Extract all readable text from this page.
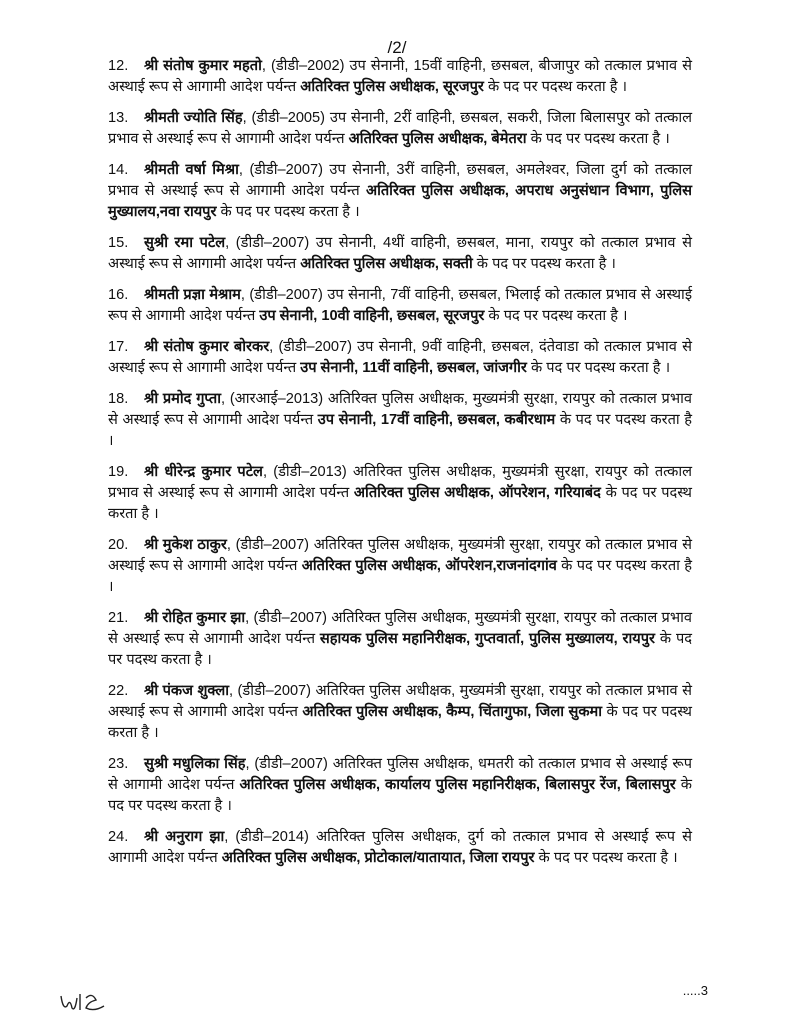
/2/

12. श्री संतोष कुमार महतो, (डीडी–2002) उप सेनानी, 15वीं वाहिनी, छसबल, बीजापुर को तत्काल प्रभाव से अस्थाई रूप से आगामी आदेश पर्यन्त अतिरिक्त पुलिस अधीक्षक, सूरजपुर के पद पर पदस्थ करता है ।

13. श्रीमती ज्योति सिंह, (डीडी–2005) उप सेनानी, 2रीं वाहिनी, छसबल, सकरी, जिला बिलासपुर को तत्काल प्रभाव से अस्थाई रूप से आगामी आदेश पर्यन्त अतिरिक्त पुलिस अधीक्षक, बेमेतरा के पद पर पदस्थ करता है ।

14. श्रीमती वर्षा मिश्रा, (डीडी–2007) उप सेनानी, 3रीं वाहिनी, छसबल, अमलेश्वर, जिला दुर्ग को तत्काल प्रभाव से अस्थाई रूप से आगामी आदेश पर्यन्त अतिरिक्त पुलिस अधीक्षक, अपराध अनुसंधान विभाग, पुलिस मुख्यालय,नवा रायपुर के पद पर पदस्थ करता है ।

15. सुश्री रमा पटेल, (डीडी–2007) उप सेनानी, 4थीं वाहिनी, छसबल, माना, रायपुर को तत्काल प्रभाव से अस्थाई रूप से आगामी आदेश पर्यन्त अतिरिक्त पुलिस अधीक्षक, सक्ती के पद पर पदस्थ करता है ।

16. श्रीमती प्रज्ञा मेश्राम, (डीडी–2007) उप सेनानी, 7वीं वाहिनी, छसबल, भिलाई को तत्काल प्रभाव से अस्थाई रूप से आगामी आदेश पर्यन्त उप सेनानी, 10वी वाहिनी, छसबल, सूरजपुर के पद पर पदस्थ करता है ।

17. श्री संतोष कुमार बोरकर, (डीडी–2007) उप सेनानी, 9वीं वाहिनी, छसबल, दंतेवाडा को तत्काल प्रभाव से अस्थाई रूप से आगामी आदेश पर्यन्त उप सेनानी, 11वीं वाहिनी, छसबल, जांजगीर के पद पर पदस्थ करता है ।

18. श्री प्रमोद गुप्ता, (आरआई–2013) अतिरिक्त पुलिस अधीक्षक, मुख्यमंत्री सुरक्षा, रायपुर को तत्काल प्रभाव से अस्थाई रूप से आगामी आदेश पर्यन्त उप सेनानी, 17वीं वाहिनी, छसबल, कबीरधाम के पद पर पदस्थ करता है ।

19. श्री धीरेन्द्र कुमार पटेल, (डीडी–2013) अतिरिक्त पुलिस अधीक्षक, मुख्यमंत्री सुरक्षा, रायपुर को तत्काल प्रभाव से अस्थाई रूप से आगामी आदेश पर्यन्त अतिरिक्त पुलिस अधीक्षक, ऑपरेशन, गरियाबंद के पद पर पदस्थ करता है ।

20. श्री मुकेश ठाकुर, (डीडी–2007) अतिरिक्त पुलिस अधीक्षक, मुख्यमंत्री सुरक्षा, रायपुर को तत्काल प्रभाव से अस्थाई रूप से आगामी आदेश पर्यन्त अतिरिक्त पुलिस अधीक्षक, ऑपरेशन,राजनांदगांव के पद पर पदस्थ करता है ।

21. श्री रोहित कुमार झा, (डीडी–2007) अतिरिक्त पुलिस अधीक्षक, मुख्यमंत्री सुरक्षा, रायपुर को तत्काल प्रभाव से अस्थाई रूप से आगामी आदेश पर्यन्त सहायक पुलिस महानिरीक्षक, गुप्तवार्ता, पुलिस मुख्यालय, रायपुर के पद पर पदस्थ करता है ।

22. श्री पंकज शुक्ला, (डीडी–2007) अतिरिक्त पुलिस अधीक्षक, मुख्यमंत्री सुरक्षा, रायपुर को तत्काल प्रभाव से अस्थाई रूप से आगामी आदेश पर्यन्त अतिरिक्त पुलिस अधीक्षक, कैम्प, चिंतागुफा, जिला सुकमा के पद पर पदस्थ करता है ।

23. सुश्री मधुलिका सिंह, (डीडी–2007) अतिरिक्त पुलिस अधीक्षक, धमतरी को तत्काल प्रभाव से अस्थाई रूप से आगामी आदेश पर्यन्त अतिरिक्त पुलिस अधीक्षक, कार्यालय पुलिस महानिरीक्षक, बिलासपुर रेंज, बिलासपुर के पद पर पदस्थ करता है ।

24. श्री अनुराग झा, (डीडी–2014) अतिरिक्त पुलिस अधीक्षक, दुर्ग को तत्काल प्रभाव से अस्थाई रूप से आगामी आदेश पर्यन्त अतिरिक्त पुलिस अधीक्षक, प्रोटोकाल/यातायात, जिला रायपुर के पद पर पदस्थ करता है ।

.....3
